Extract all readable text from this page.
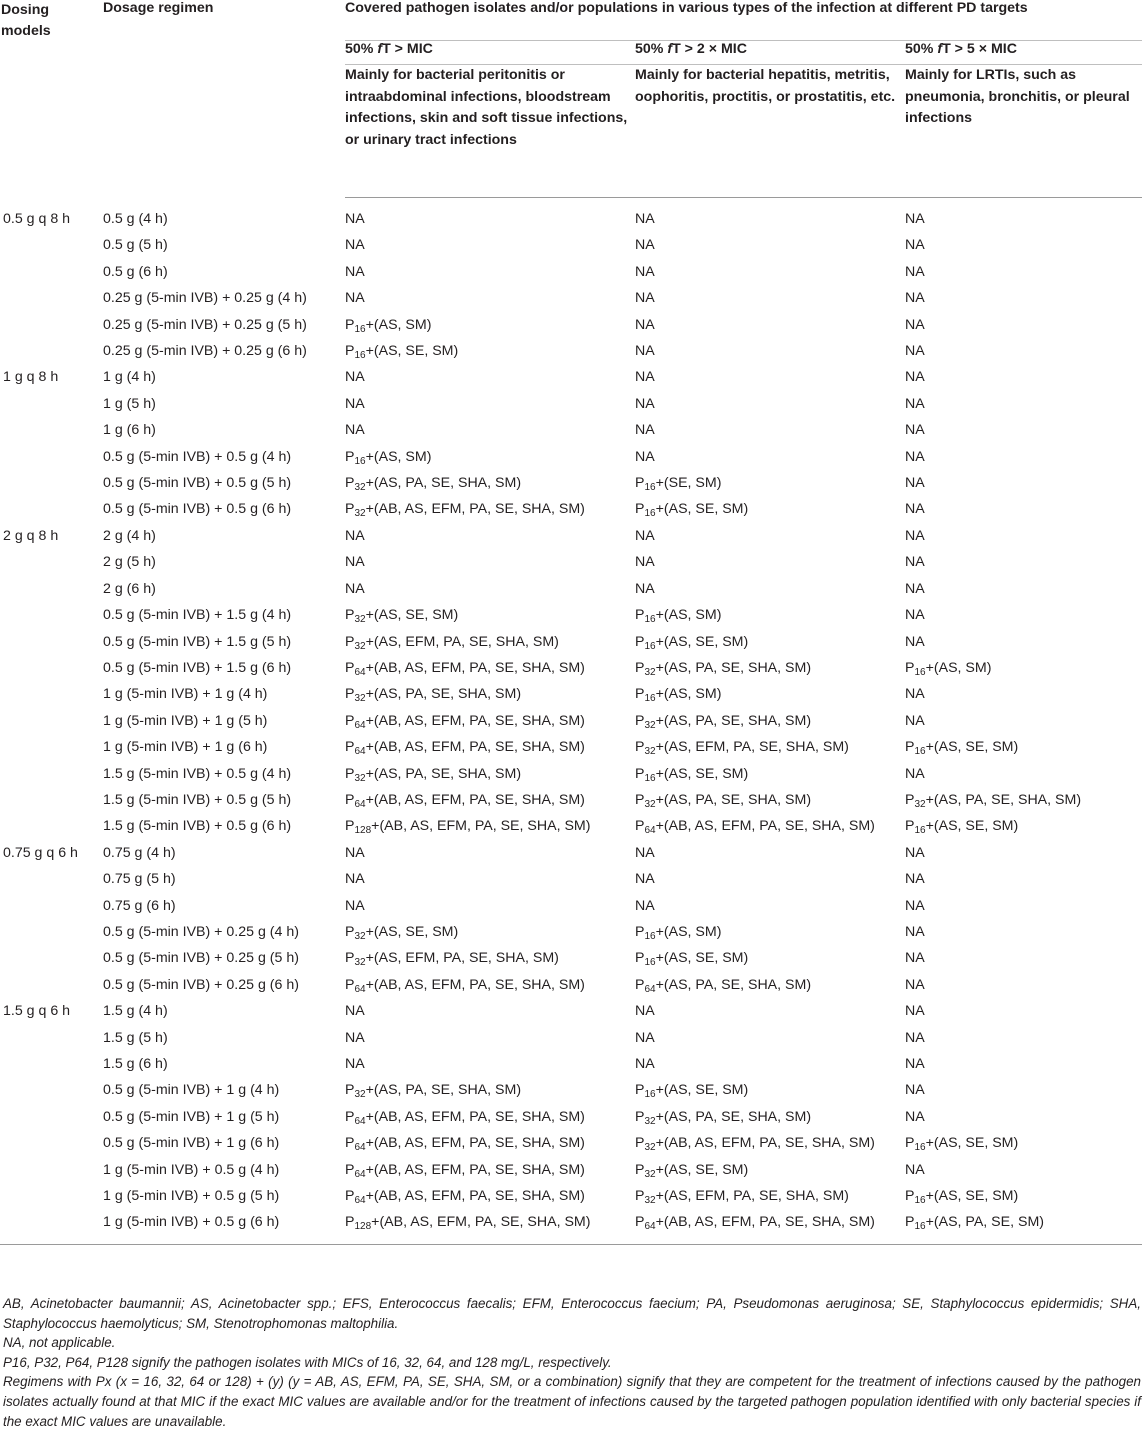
Dosing models	Dosage regimen	Covered pathogen isolates and/or populations in various types of the infection at different PD targets		
		50% fT > MIC	50% fT > 2 × MIC	50% fT > 5 × MIC
		Mainly for bacterial peritonitis or intraabdominal infections, bloodstream infections, skin and soft tissue infections, or urinary tract infections	Mainly for bacterial hepatitis, metritis, oophoritis, proctitis, or prostatitis, etc.	Mainly for LRTIs, such as pneumonia, bronchitis, or pleural infections
0.5 g q 8 h	0.5 g (4 h)	NA	NA	NA
	0.5 g (5 h)	NA	NA	NA
	0.5 g (6 h)	NA	NA	NA
	0.25 g (5-min IVB) + 0.25 g (4 h)	NA	NA	NA
	0.25 g (5-min IVB) + 0.25 g (5 h)	$P_{16}+(AS$, SM)	NA	NA
	0.25 g (5-min IVB) + 0.25 g (6 h)	$P_{16}+(AS$, SE, SM)	NA	NA
1 g q 8 h	1 g (4 h)	NA	NA	NA
	1 g (5 h)	NA	NA	NA
	1 g (6 h)	NA	NA	NA
	0.5 g (5-min IVB) + 0.5 g (4 h)	$P_{16}+(AS$, SM)	NA	NA
	0.5 g (5-min IVB) + 0.5 g (5 h)	$P_{32}+(AS$, PA, SE, SHA, SM)	$P_{16}+(SE$, SM)	NA
	0.5 g (5-min IVB) + 0.5 g (6 h)	$P_{32}+(AB$, AS, EFM, PA, SE, SHA, SM)	$P_{16}+(AS$, SE, SM)	NA
2 g q 8 h	2 g (4 h)	NA	NA	NA
	2 g (5 h)	NA	NA	NA
	2 g (6 h)	NA	NA	NA
	0.5 g (5-min IVB) + 1.5 g (4 h)	$P_{32}+(AS$, SE, SM)	$P_{16}+(AS$, SM)	NA
	0.5 g (5-min IVB) + 1.5 g (5 h)	$P_{32}+(AS$, EFM, PA, SE, SHA, SM)	$P_{16}+(AS$, SE, SM)	NA
	0.5 g (5-min IVB) + 1.5 g (6 h)	$P_{64}+(AB$, AS, EFM, PA, SE, SHA, SM)	$P_{32}+(AS$, PA, SE, SHA, SM)	$P_{16}+(AS$, SM)
	1 g (5-min IVB) + 1 g (4 h)	$P_{32}+(AS$, PA, SE, SHA, SM)	$P_{16}+(AS$, SM)	NA
	1 g (5-min IVB) + 1 g (5 h)	$P_{64}+(AB$, AS, EFM, PA, SE, SHA, SM)	$P_{32}+(AS$, PA, SE, SHA, SM)	NA
	1 g (5-min IVB) + 1 g (6 h)	$P_{64}+(AB$, AS, EFM, PA, SE, SHA, SM)	$P_{32}+(AS$, EFM, PA, SE, SHA, SM)	$P_{16}+(AS$, SE, SM)
	1.5 g (5-min IVB) + 0.5 g (4 h)	$P_{32}+(AS$, PA, SE, SHA, SM)	$P_{16}+(AS$, SE, SM)	NA
	1.5 g (5-min IVB) + 0.5 g (5 h)	$P_{64}+(AB$, AS, EFM, PA, SE, SHA, SM)	$P_{32}+(AS$, PA, SE, SHA, SM)	$P_{32}+(AS$, PA, SE, SHA, SM)
	1.5 g (5-min IVB) + 0.5 g (6 h)	$P_{128}+(AB$, AS, EFM, PA, SE, SHA, SM)	$P_{64}+(AB$, AS, EFM, PA, SE, SHA, SM)	$P_{16}+(AS$, SE, SM)
0.75 g q 6 h	0.75 g (4 h)	NA	NA	NA
	0.75 g (5 h)	NA	NA	NA
	0.75 g (6 h)	NA	NA	NA
	0.5 g (5-min IVB) + 0.25 g (4 h)	$P_{32}+(AS$, SE, SM)	$P_{16}+(AS$, SM)	NA
	0.5 g (5-min IVB) + 0.25 g (5 h)	$P_{32}+(AS$, EFM, PA, SE, SHA, SM)	$P_{16}+(AS$, SE, SM)	NA
	0.5 g (5-min IVB) + 0.25 g (6 h)	$P_{64}+(AB$, AS, EFM, PA, SE, SHA, SM)	$P_{64}+(AS$, PA, SE, SHA, SM)	NA
1.5 g q 6 h	1.5 g (4 h)	NA	NA	NA
	1.5 g (5 h)	NA	NA	NA
	1.5 g (6 h)	NA	NA	NA
	0.5 g (5-min IVB) + 1 g (4 h)	$P_{32}+(AS$, PA, SE, SHA, SM)	$P_{16}+(AS$, SE, SM)	NA
	0.5 g (5-min IVB) + 1 g (5 h)	$P_{64}+(AB$, AS, EFM, PA, SE, SHA, SM)	$P_{32}+(AS$, PA, SE, SHA, SM)	NA
	0.5 g (5-min IVB) + 1 g (6 h)	$P_{64}+(AB$, AS, EFM, PA, SE, SHA, SM)	$P_{32}+(AB$, AS, EFM, PA, SE, SHA, SM)	$P_{16}+(AS$, SE, SM)
	1 g (5-min IVB) + 0.5 g (4 h)	$P_{64}+(AB$, AS, EFM, PA, SE, SHA, SM)	$P_{32}+(AS$, SE, SM)	NA
	1 g (5-min IVB) + 0.5 g (5 h)	$P_{64}+(AB$, AS, EFM, PA, SE, SHA, SM)	$P_{32}+(AS$, EFM, PA, SE, SHA, SM)	$P_{16}+(AS$, SE, SM)
	1 g (5-min IVB) + 0.5 g (6 h)	$P_{128}+(AB$, AS, EFM, PA, SE, SHA, SM)	$P_{64}+(AB$, AS, EFM, PA, SE, SHA, SM)	$P_{16}+(AS$, PA, SE, SM)

AB, Acinetobacter baumannii; AS, Acinetobacter spp.; EFS, Enterococcus faecalis; EFM, Enterococcus faecium; PA, Pseudomonas aeruginosa; SE, Staphylococcus epidermidis; SHA, Staphylococcus haemolyticus; SM, Stenotrophomonas maltophilia.

NA, not applicable.

P16, P32, P64, P128 signify the pathogen isolates with MICs of 16, 32, 64, and 128 mg/L, respectively.

Regimens with Px (x = 16, 32, 64 or 128) + (y) (y = AB, AS, EFM, PA, SE, SHA, SM, or a combination) signify that they are competent for the treatment of infections caused by the pathogen isolates actually found at that MIC if the exact MIC values are available and/or for the treatment of infections caused by the targeted pathogen population identified with only bacterial species if the exact MIC values are unavailable.
